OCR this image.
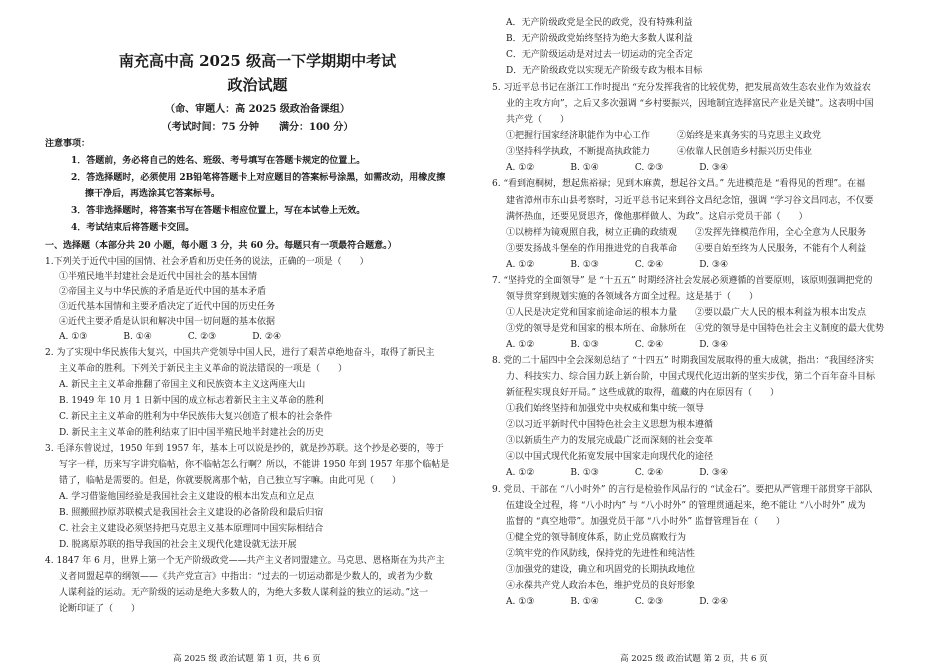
南充高中高 2025 级高一下学期期中考试
政治试题
（命、审题人：高 2025 级政治备课组）
（考试时间：75 分钟　　满分：100 分）
注意事项：
1．答题前，务必将自己的姓名、班级、考号填写在答题卡规定的位置上。
2．答选择题时，必须使用 2B铅笔将答题卡上对应题目的答案标号涂黑，如需改动，用橡皮擦
擦干净后，再选涂其它答案标号。
3．答非选择题时，将答案书写在答题卡相应位置上，写在本试卷上无效。
4．考试结束后将答题卡交回。
一、选择题（本部分共 20 小题，每小题 3 分，共 60 分。每题只有一项最符合题意。）
1.下列关于近代中国的国情、社会矛盾和历史任务的说法，正确的一项是（　　）
①半殖民地半封建社会是近代中国社会的基本国情
②帝国主义与中华民族的矛盾是近代中国的基本矛盾
③近代基本国情和主要矛盾决定了近代中国的历史任务
④近代主要矛盾是认识和解决中国一切问题的基本依据
A. ①③　　　　B. ①④　　　　C. ②③　　　　D. ②④
2. 为了实现中华民族伟大复兴，中国共产党领导中国人民，进行了艰苦卓绝地奋斗，取得了新民主
主义革命的胜利。下列关于新民主主义革命的说法错误的一项是（　　）
A. 新民主主义革命推翻了帝国主义和民族资本主义这两座大山
B. 1949 年 10 月 1 日新中国的成立标志着新民主主义革命的胜利
C. 新民主主义革命的胜利为中华民族伟大复兴创造了根本的社会条件
D. 新民主主义革命的胜利结束了旧中国半殖民地半封建社会的历史
3. 毛泽东曾说过，1950 年到 1957 年，基本上可以说是抄的，就是抄苏联。这个抄是必要的，等于
写字一样，历来写字讲究临帖，你不临帖怎么行啊？所以，不能讲 1950 年到 1957 年那个临帖是
错了，临帖是需要的。但是，你就要脱离那个帖，自己独立写字嘛。由此可见（　　）
A. 学习借鉴他国经验是我国社会主义建设的根本出发点和立足点
B. 照搬照抄原苏联模式是我国社会主义建设的必备阶段和最后归宿
C. 社会主义建设必须坚持把马克思主义基本原理同中国实际相结合
D. 脱离原苏联的指导我国的社会主义现代化建设就无法开展
4. 1847 年 6 月，世界上第一个无产阶级政党——共产主义者同盟建立。马克思、恩格斯在为共产主
义者同盟起草的纲领——《共产党宣言》中指出：“过去的一切运动都是少数人的，或者为少数
人谋利益的运动。无产阶级的运动是绝大多数人的，为绝大多数人谋利益的独立的运动。”这一
论断印证了（　　）
高 2025 级 政治试题 第 1 页，共 6 页
A．无产阶级政党是全民的政党，没有特殊利益
B．无产阶级政党始终坚持为绝大多数人谋利益
C．无产阶级运动是对过去一切运动的完全否定
D．无产阶级政党以实现无产阶级专政为根本目标
5. 习近平总书记在浙江工作时提出 “充分发挥我省的比较优势，把发展高效生态农业作为效益农
业的主攻方向”，之后又多次强调 “乡村要振兴，因地制宜选择富民产业是关键”。这表明中国
共产党（　　）
①把握行国家经济职能作为中心工作　　　②始终是来真务实的马克思主义政党
③坚持科学执政，不断提高执政能力　　　④依靠人民创造乡村振兴历史伟业
A. ①②　　　　B. ①④　　　　C. ②③　　　　D. ③④
6. “看到泡桐树，想起焦裕禄；见到木麻黄，想起谷文昌。” 先进模范是 “看得见的哲理”。在福
建省漳州市东山县考察时，习近平总书记来到谷文昌纪念馆，强调 “学习谷文昌同志，不仅要
满怀热血，还要见贤思齐，像他那样做人、为政”。这启示党员干部（　　）
①以榜样为镜观照自我，树立正确的政绩观　　②发挥先锋模范作用，全心全意为人民服务
③要发扬战斗堡垒的作用推进党的自我革命　　④要自始至终为人民服务，不能有个人利益
A. ①②　　　　B. ①③　　　　C. ②④　　　　D. ③④
7. “坚持党的全面领导” 是 “十五五” 时期经济社会发展必须遵循的首要原则，该原则强调把党的
领导贯穿到规划实施的各领域各方面全过程。这是基于（　　）
①人民是决定党和国家前途命运的根本力量　　②要以最广大人民的根本利益为根本出发点
③党的领导是党和国家的根本所在、命脉所在　④党的领导是中国特色社会主义制度的最大优势
A. ①②　　　　B. ①③　　　　C. ②④　　　　D. ③④
8. 党的二十届四中全会深刻总结了 “十四五” 时期我国发展取得的重大成就，指出：“我国经济实
力、科技实力、综合国力跃上新台阶，中国式现代化迈出新的坚实步伐，第二个百年奋斗目标
新征程实现良好开局。” 这些成就的取得，蕴藏的内在原因有（　　）
①我们始终坚持和加强党中央权威和集中统一领导
②以习近平新时代中国特色社会主义思想为根本遵循
③以新质生产力的发展完成最广泛而深刻的社会变革
④以中国式现代化拓宽发展中国家走向现代化的途径
A. ①②　　　　B. ①③　　　　C. ②④　　　　D. ③④
9. 党员、干部在 “八小时外” 的言行是检验作风品行的 “试金石”。要把从严管理干部贯穿干部队
伍建设全过程，将 “八小时内” 与 “八小时外” 的管理贯通起来，绝不能让 “八小时外” 成为
监督的 “真空地带”。加强党员干部 “八小时外” 监督管理旨在（　　）
①健全党的领导制度体系，防止党员腐败行为
②筑牢党的作风防线，保持党的先进性和纯洁性
③加强党的建设，确立和巩固党的长期执政地位
④永葆共产党人政治本色，维护党员的良好形象
A. ①③　　　　B. ①④　　　　C. ②③　　　　D. ②④
高 2025 级 政治试题 第 2 页，共 6 页
